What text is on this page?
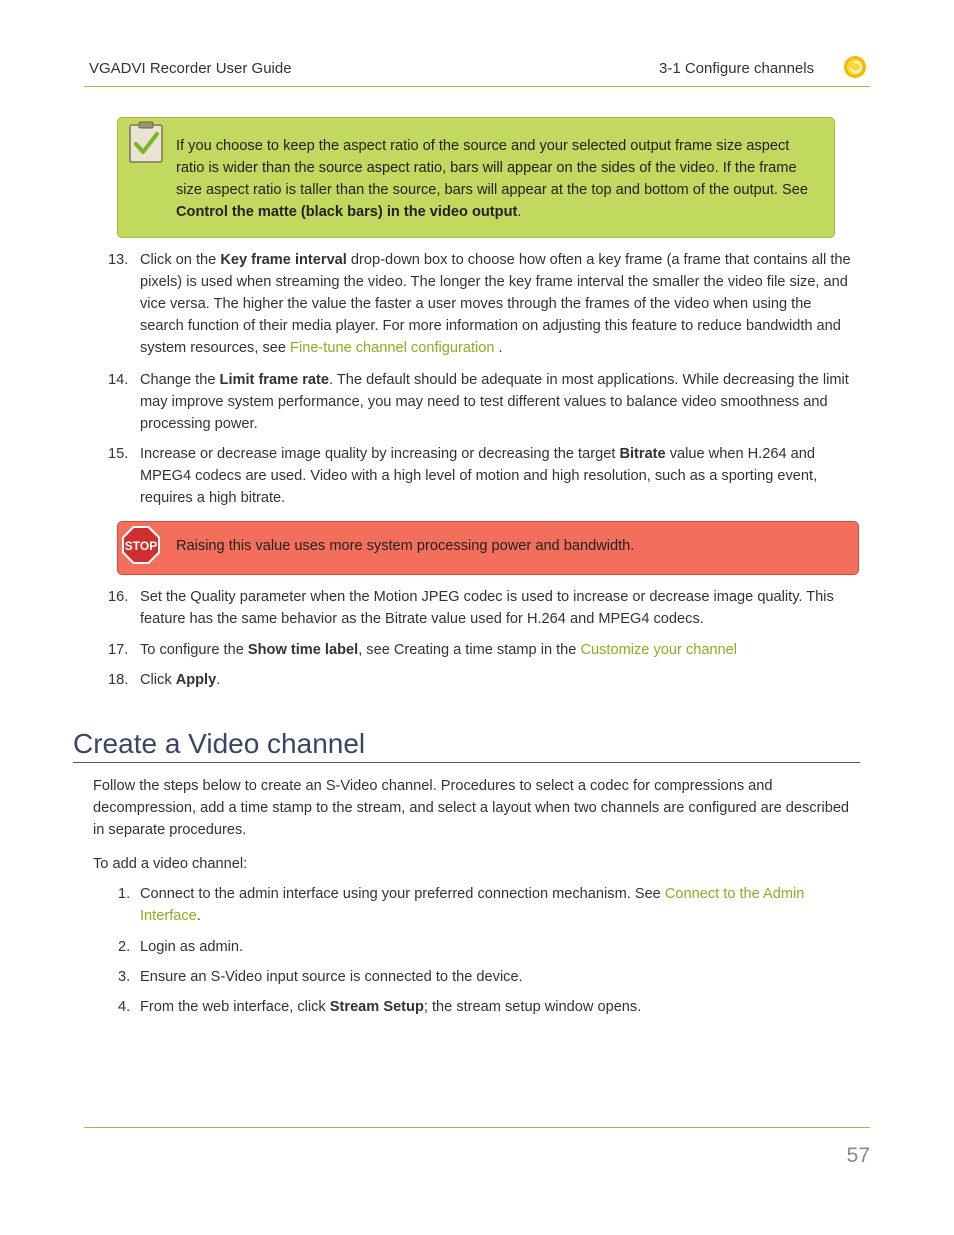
VGADVI Recorder User Guide	3-1 Configure channels
If you choose to keep the aspect ratio of the source and your selected output frame size aspect ratio is wider than the source aspect ratio, bars will appear on the sides of the video. If the frame size aspect ratio is taller than the source, bars will appear at the top and bottom of the output. See Control the matte (black bars) in the video output.
13. Click on the Key frame interval drop-down box to choose how often a key frame (a frame that contains all the pixels) is used when streaming the video. The longer the key frame interval the smaller the video file size, and vice versa. The higher the value the faster a user moves through the frames of the video when using the search function of their media player. For more information on adjusting this feature to reduce bandwidth and system resources, see Fine-tune channel configuration .
14. Change the Limit frame rate. The default should be adequate in most applications. While decreasing the limit may improve system performance, you may need to test different values to balance video smoothness and processing power.
15. Increase or decrease image quality by increasing or decreasing the target Bitrate value when H.264 and MPEG4 codecs are used. Video with a high level of motion and high resolution, such as a sporting event, requires a high bitrate.
STOP Raising this value uses more system processing power and bandwidth.
16. Set the Quality parameter when the Motion JPEG codec is used to increase or decrease image quality. This feature has the same behavior as the Bitrate value used for H.264 and MPEG4 codecs.
17. To configure the Show time label, see Creating a time stamp in the Customize your channel
18. Click Apply.
Create a Video channel
Follow the steps below to create an S-Video channel. Procedures to select a codec for compressions and decompression, add a time stamp to the stream, and select a layout when two channels are configured are described in separate procedures.
To add a video channel:
1. Connect to the admin interface using your preferred connection mechanism. See Connect to the Admin Interface.
2. Login as admin.
3. Ensure an S-Video input source is connected to the device.
4. From the web interface, click Stream Setup; the stream setup window opens.
57
